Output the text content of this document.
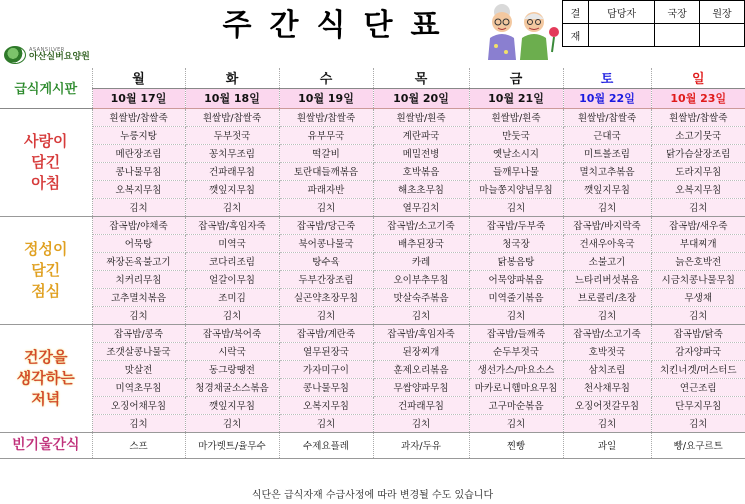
ASANSILVER
아산실버요양원
주간식단표	결	담당자	국장	원장
재			
급식게시판	월	화	수	목	금	토	일
	10월 17일	10월 18일	10월 19일	10월 20일	10월 21일	10월 22일	10월 23일

사랑이
담긴
아침	흰쌀밥/찹쌀죽	흰쌀밥/찹쌀죽	흰쌀밥/찹쌀죽	흰쌀밥/흰죽	흰쌀밥/흰죽	흰쌀밥/찹쌀죽	흰쌀밥/찹쌀죽
	누룽지탕	두부젓국	유부무국	계란파국	만둣국	근대국	소고기뭇국
	메란장조림	꽁치무조림	떡갈비	메밀전병	옛날소시지	미트볼조림	닭가슴살장조림
	콩나물무침	건파래무침	토란대들깨볶음	호박볶음	들깨무나물	멸치고추볶음	도라지무침
	오복지무침	깻잎지무침	파래자반	해초초무침	마늘쫑지양념무침	깻잎지무침	오복지무침
	김치	김치	김치	열무김치	김치	김치	김치

정성이
담긴
점심	잡곡밥/야채죽	잡곡밥/흑임자죽	잡곡밥/당근죽	잡곡밥/소고기죽	잡곡밥/두부죽	잡곡밥/바지락죽	잡곡밥/새우죽
	어묵탕	미역국	북어콩나물국	배추된장국	청국장	건새우아욱국	부대찌개
	짜장돈육불고기	코다리조림	탕수육	카레	닭봉음탕	소불고기	늙은호박전
	치커리무침	얼갈이무침	두부간장조림	오이부추무침	어묵양파볶음	느타리버섯볶음	시금치콩나물무침
	고추멸치볶음	조미김	실곤약초장무침	맛살숙주볶음	미역줄기볶음	브로콜리/초장	무생채
	김치	김치	김치	김치	김치	김치	김치

건강을
생각하는
저녁	잡곡밥/콩죽	잡곡밥/북어죽	잡곡밥/계란죽	잡곡밥/흑임자죽	잡곡밥/들깨죽	잡곡밥/소고기죽	잡곡밥/닭죽
	조갯살콩나물국	시락국	열무된장국	된장찌개	순두부젓국	호박젓국	감자양파국
	맛살전	동그랑땡전	가자미구이	훈제오리볶음	생선가스/마요소스	삼치조림	치킨너겟/머스터드
	미역초무침	청경채굴소스볶음	콩나물무침	무쌈양파무침	마카로니햄마요무침	천사채무침	연근조림
	오징어채무침	깻잎지무침	오복지무침	건파래무침	고구마순볶음	오징어젓갈무침	단무지무침
	김치	김치	김치	김치	김치	김치	김치
빈기울간식	스프	마가렛트/율무수	수제요플레	과자/두유	찐빵	과일	빵/요구르트
식단은 급식자재 수급사정에 따라 변경될 수도 있습니다
